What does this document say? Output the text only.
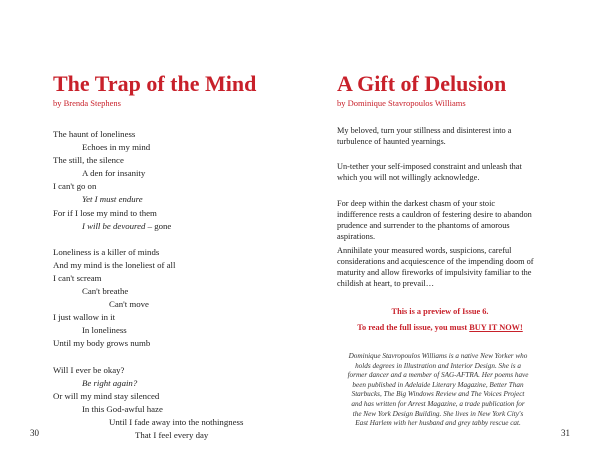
The Trap of the Mind

by Brenda Stephens

The haunt of loneliness
Echoes in my mind
The still, the silence
A den for insanity
I can't go on
Yet I must endure
For if I lose my mind to them
I will be devoured – gone
Loneliness is a killer of minds
And my mind is the loneliest of all
I can't scream
Can't breathe
Can't move
I just wallow in it
In loneliness
Until my body grows numb
Will I ever be okay?
Be right again?
Or will my mind stay silenced
In this God-awful haze
Until I fade away into the nothingness
That I feel every day

30

A Gift of Delusion

by Dominique Stavropoulos Williams

My beloved, turn your stillness and disinterest into a turbulence of haunted yearnings.

Un-tether your self-imposed constraint and unleash that which you will not willingly acknowledge.

For deep within the darkest chasm of your stoic indifference rests a cauldron of festering desire to abandon prudence and surrender to the phantoms of amorous aspirations.

Annihilate your measured words, suspicions, careful considerations and acquiescence of the impending doom of maturity and allow fireworks of impulsivity familiar to the childish at heart, to prevail…

This is a preview of Issue 6.

To read the full issue, you must BUY IT NOW!

Dominique Stavropoulos Williams is a native New Yorker who holds degrees in Illustration and Interior Design. She is a former dancer and a member of SAG-AFTRA. Her poems have been published in Adelaide Literary Magazine, Better Than Starbucks, The Big Windows Review and The Voices Project and has written for Arrest Magazine, a trade publication for the New York Design Building. She lives in New York City's East Harlem with her husband and grey tabby rescue cat.

31
